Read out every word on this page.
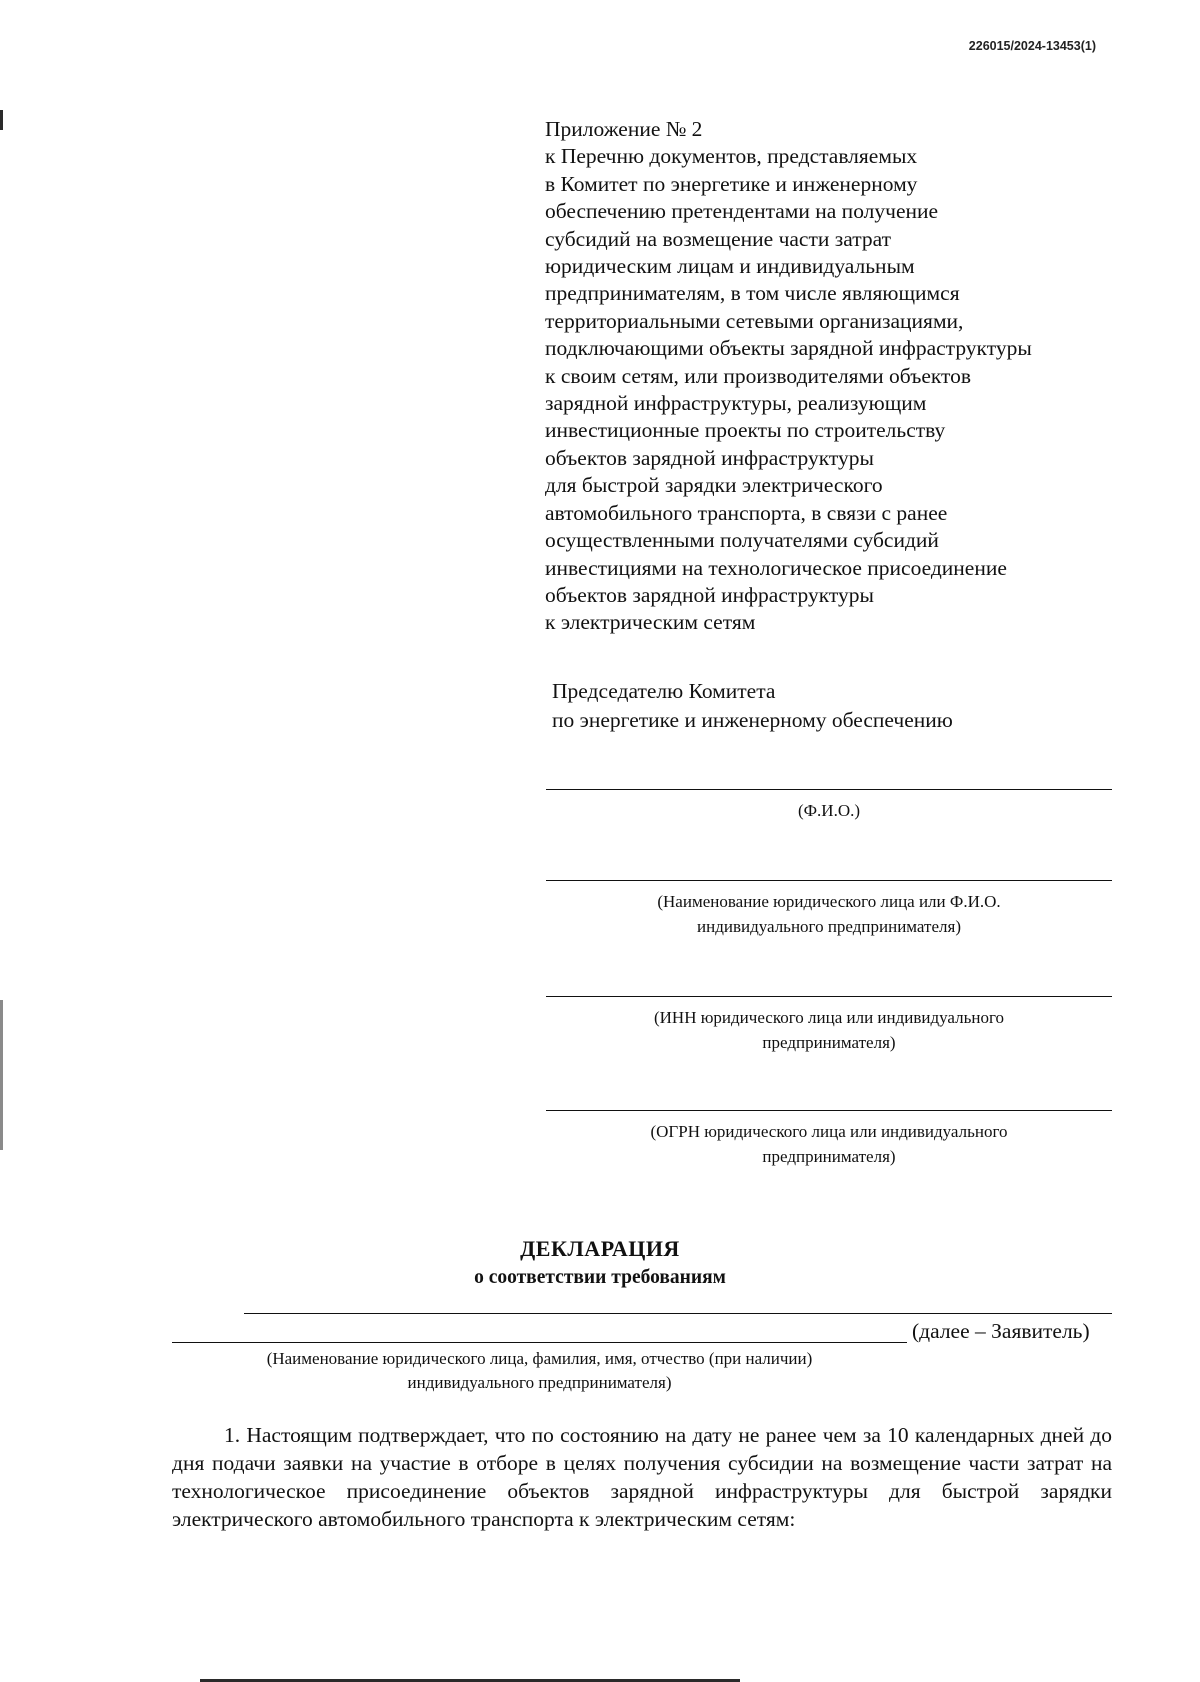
226015/2024-13453(1)
Приложение № 2
к Перечню документов, представляемых
в Комитет по энергетике и инженерному
обеспечению претендентами на получение
субсидий на возмещение части затрат
юридическим лицам и индивидуальным
предпринимателям, в том числе являющимся
территориальными сетевыми организациями,
подключающими объекты зарядной инфраструктуры
к своим сетям, или производителями объектов
зарядной инфраструктуры, реализующим
инвестиционные проекты по строительству
объектов зарядной инфраструктуры
для быстрой зарядки электрического
автомобильного транспорта, в связи с ранее
осуществленными получателями субсидий
инвестициями на технологическое присоединение
объектов зарядной инфраструктуры
к электрическим сетям
Председателю Комитета
по энергетике и инженерному обеспечению
(Ф.И.О.)
(Наименование юридического лица или Ф.И.О.
индивидуального предпринимателя)
(ИНН юридического лица или индивидуального
предпринимателя)
(ОГРН юридического лица или индивидуального
предпринимателя)
ДЕКЛАРАЦИЯ
о соответствии требованиям
(далее – Заявитель)
(Наименование юридического лица, фамилия, имя, отчество (при наличии)
индивидуального предпринимателя)
1. Настоящим подтверждает, что по состоянию на дату не ранее чем за 10 календарных дней до дня подачи заявки на участие в отборе в целях получения субсидии на возмещение части затрат на технологическое присоединение объектов зарядной инфраструктуры для быстрой зарядки электрического автомобильного транспорта к электрическим сетям:
